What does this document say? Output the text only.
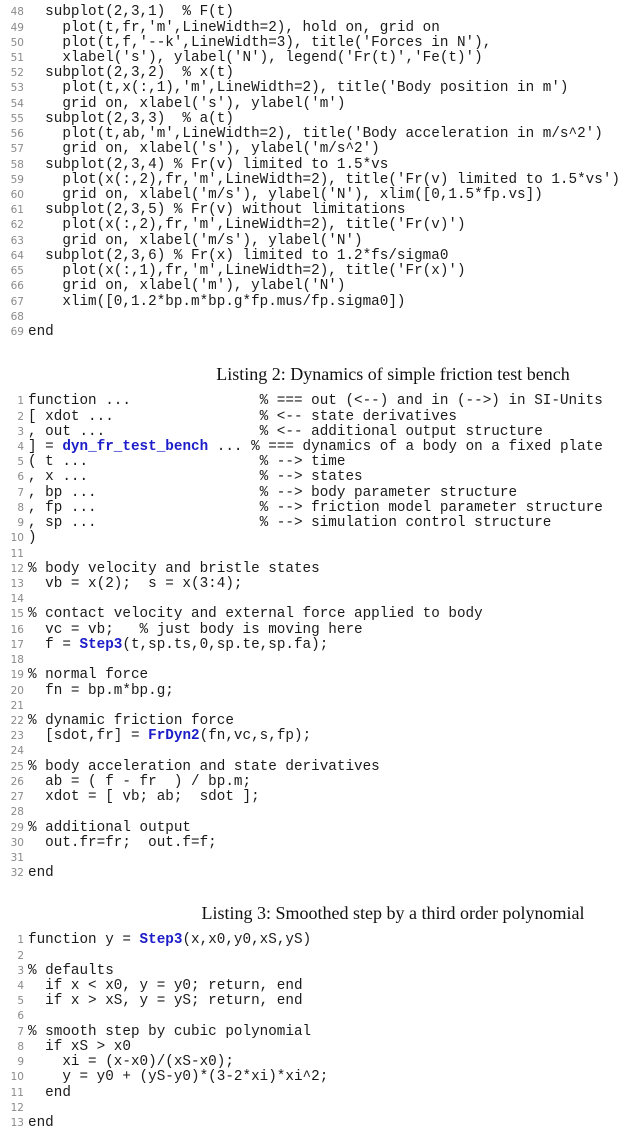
48 subplot(2,3,1)  % F(t)
49 plot(t,fr,'m',LineWidth=2), hold on, grid on
50 plot(t,f,'--k',LineWidth=3), title('Forces in N'),
51 xlabel('s'), ylabel('N'), legend('Fr(t)','Fe(t)')
52 subplot(2,3,2)  % x(t)
53 plot(t,x(:,1),'m',LineWidth=2), title('Body position in m')
54 grid on, xlabel('s'), ylabel('m')
55 subplot(2,3,3)  % a(t)
56 plot(t,ab,'m',LineWidth=2), title('Body acceleration in m/s^2')
57 grid on, xlabel('s'), ylabel('m/s^2')
58 subplot(2,3,4) % Fr(v) limited to 1.5*vs
59 plot(x(:,2),fr,'m',LineWidth=2), title('Fr(v) limited to 1.5*vs')
60 grid on, xlabel('m/s'), ylabel('N'), xlim([0,1.5*fp.vs])
61 subplot(2,3,5) % Fr(v) without limitations
62 plot(x(:,2),fr,'m',LineWidth=2), title('Fr(v)')
63 grid on, xlabel('m/s'), ylabel('N')
64 subplot(2,3,6) % Fr(x) limited to 1.2*fs/sigma0
65 plot(x(:,1),fr,'m',LineWidth=2), title('Fr(x)')
66 grid on, xlabel('m'), ylabel('N')
67 xlim([0,1.2*bp.m*bp.g*fp.mus/fp.sigma0])
68
69 end
Listing 2: Dynamics of simple friction test bench
1 function ...               % === out (<--) and in (-->) in SI-Units
2 [ xdot ...                 % <-- state derivatives
3 , out ...                  % <-- additional output structure
4 ] = dyn_fr_test_bench ... % === dynamics of a body on a fixed plate
5 ( t ...                    % --> time
6 , x ...                    % --> states
7 , bp ...                   % --> body parameter structure
8 , fp ...                   % --> friction model parameter structure
9 , sp ...                   % --> simulation control structure
10 )
11
12 % body velocity and bristle states
13 vb = x(2);  s = x(3:4);
14
15 % contact velocity and external force applied to body
16 vc = vb;   % just body is moving here
17 f = Step3(t,sp.ts,0,sp.te,sp.fa);
18
19 % normal force
20 fn = bp.m*bp.g;
21
22 % dynamic friction force
23 [sdot,fr] = FrDyn2(fn,vc,s,fp);
24
25 % body acceleration and state derivatives
26 ab = ( f - fr  ) / bp.m;
27 xdot = [ vb; ab;  sdot ];
28
29 % additional output
30 out.fr=fr;  out.f=f;
31
32 end
Listing 3: Smoothed step by a third order polynomial
1 function y = Step3(x,x0,y0,xS,yS)
2
3 % defaults
4 if x < x0, y = y0; return, end
5 if x > xS, y = yS; return, end
6
7 % smooth step by cubic polynomial
8 if xS > x0
9 xi = (x-x0)/(xS-x0);
10 y = y0 + (yS-y0)*(3-2*xi)*xi^2;
11 end
12
13 end
